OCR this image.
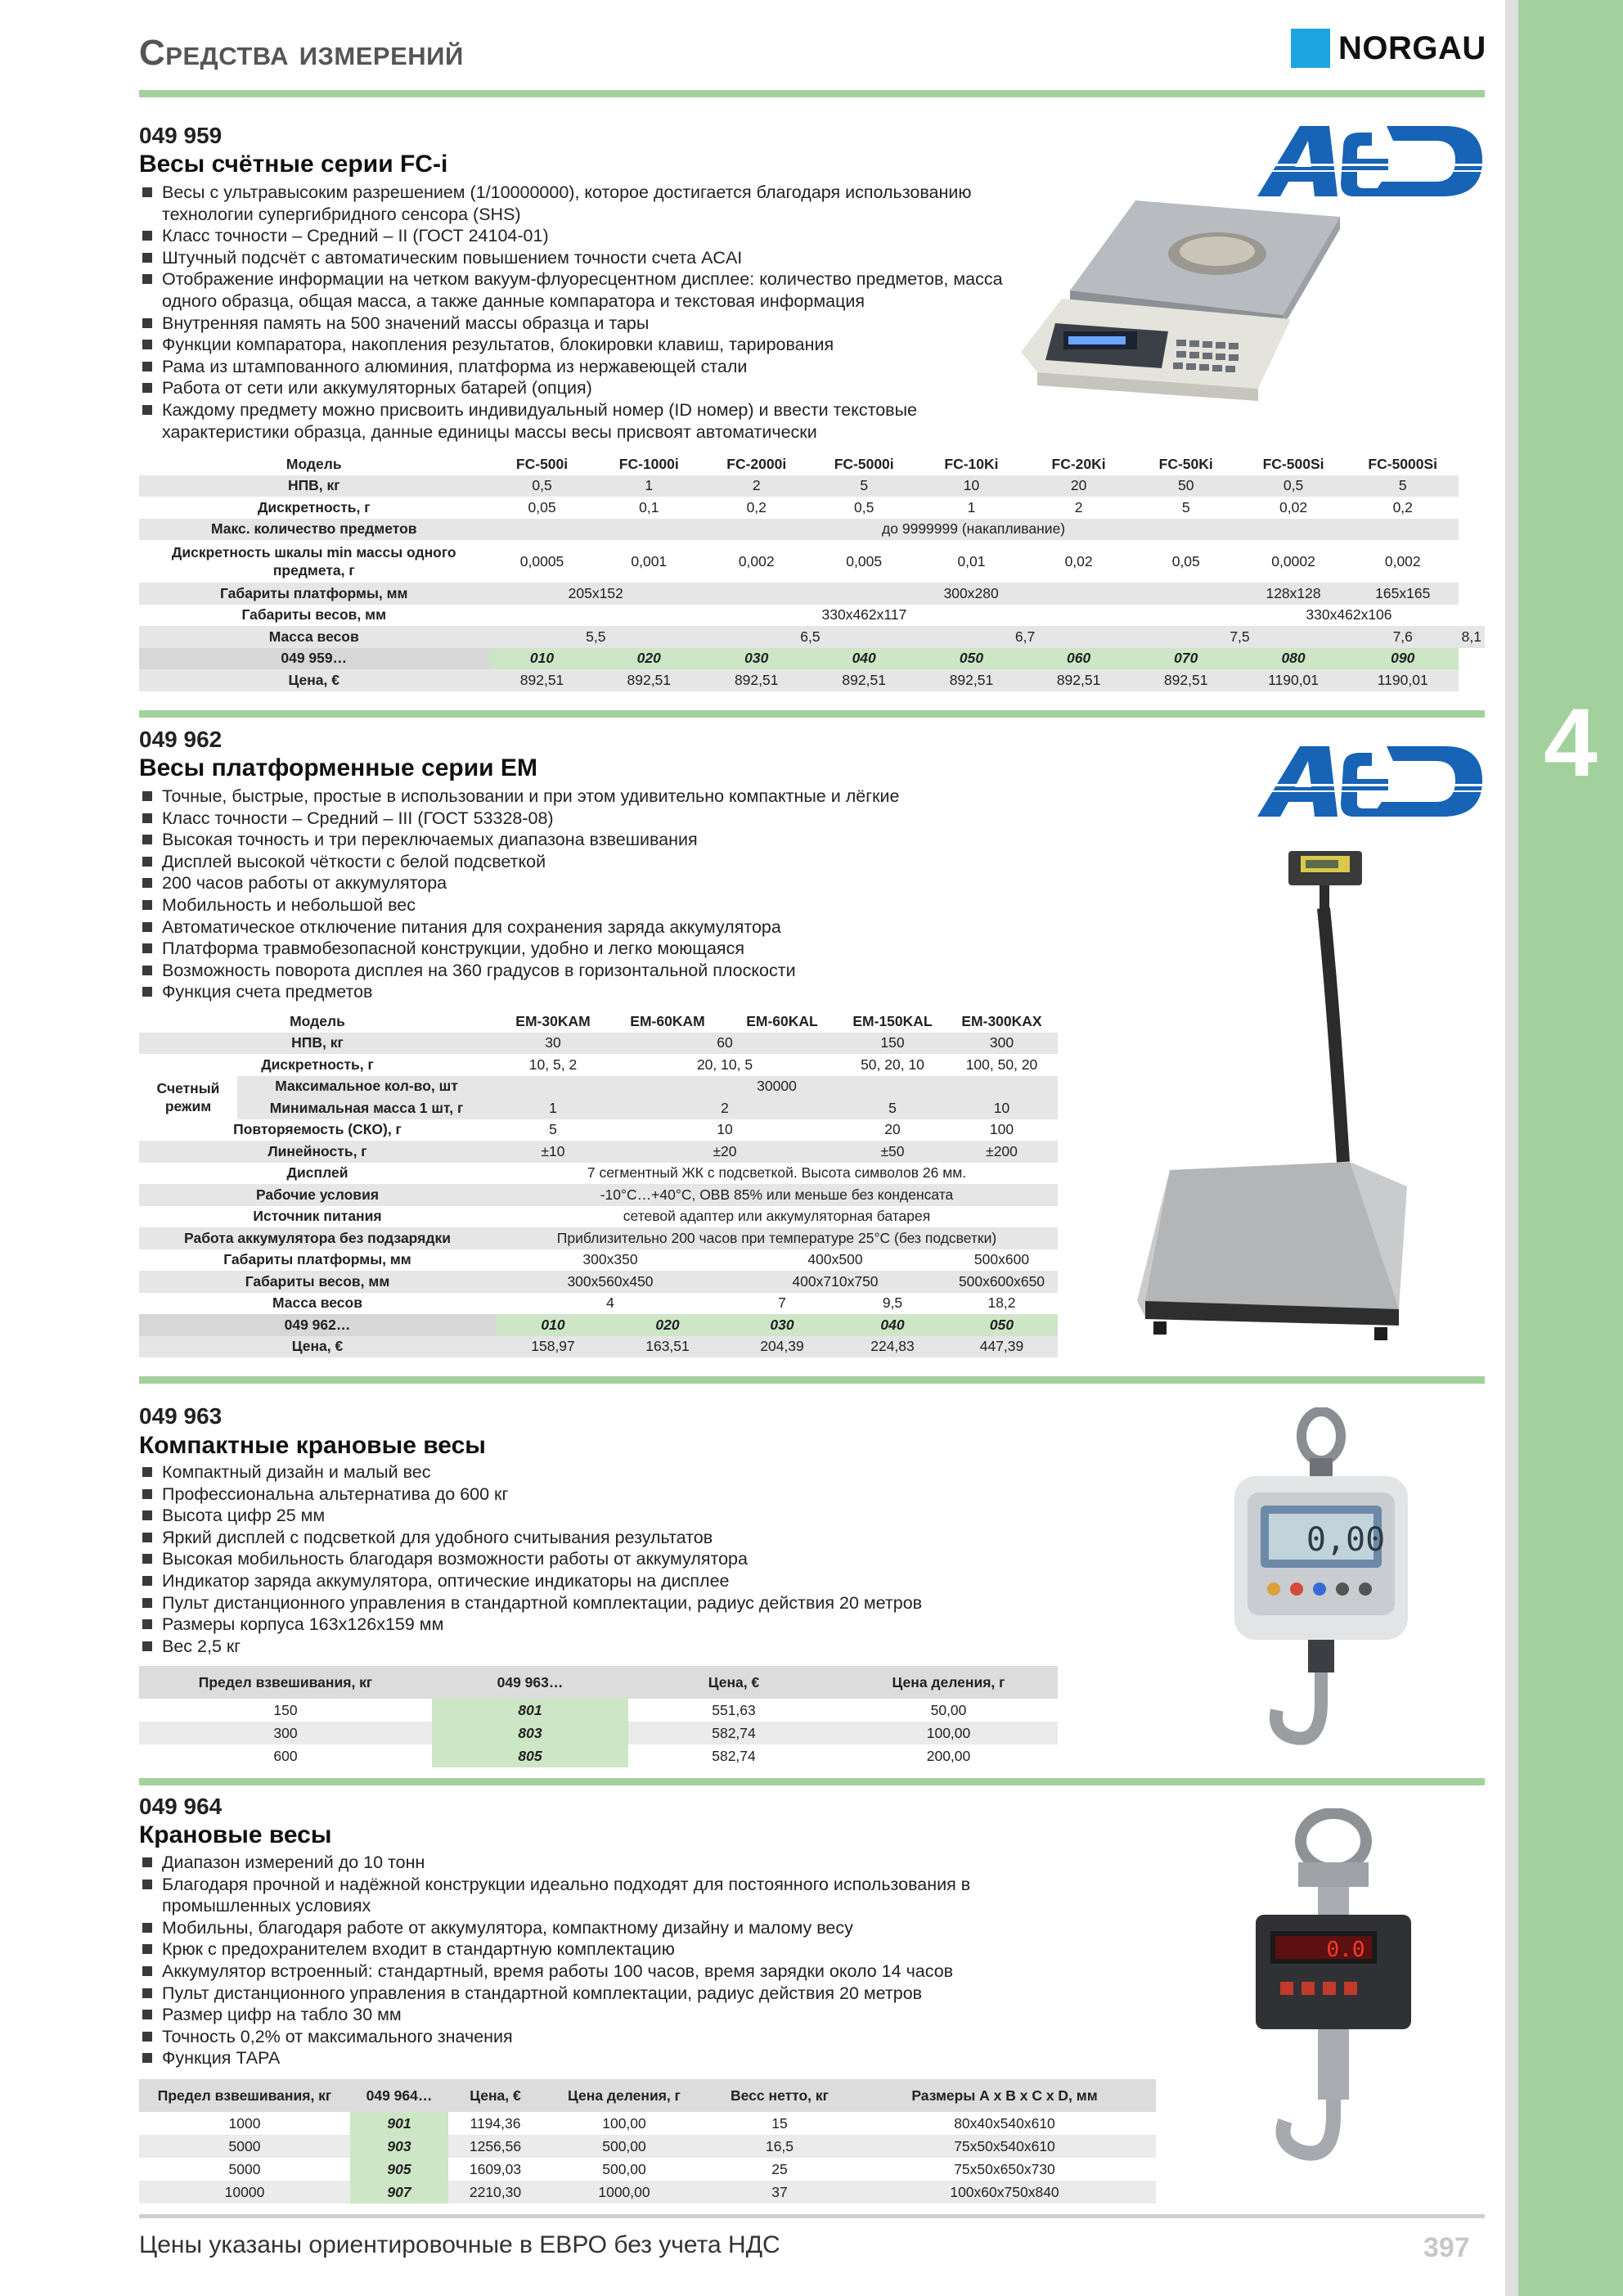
4
Средства измерений	NORGAU
049 959
Весы счётные серии FC-i
Весы с ультравысоким разрешением (1/10000000), которое достигается благодаря использованию технологии супергибридного сенсора (SHS)
Класс точности – Средний – II (ГОСТ 24104-01)
Штучный подсчёт с автоматическим повышением точности счета ACAI
Отображение информации на четком вакуум-флуоресцентном дисплее: количество предметов, масса одного образца, общая масса, а также данные компаратора и текстовая информация
Внутренняя память на 500 значений массы образца и тары
Функции компаратора, накопления результатов, блокировки клавиш, тарирования
Рама из штампованного алюминия, платформа из нержавеющей стали
Работа от сети или аккумуляторных батарей (опция)
Каждому предмету можно присвоить индивидуальный номер (ID номер) и ввести текстовые характеристики образца, данные единицы массы весы присвоят автоматически
Модель	FC-500i	FC-1000i	FC-2000i	FC-5000i	FC-10Ki	FC-20Ki	FC-50Ki	FC-500Si	FC-5000Si	
НПВ, кг	0,5	1	2	5	10	20	50	0,5	5	
Дискретность, г	0,05	0,1	0,2	0,5	1	2	5	0,02	0,2	
Макс. количество предметов	до 9999999 (накапливание)									
Дискретность шкалы min массы одного предмета, г	0,0005	0,001	0,002	0,005	0,01	0,02	0,05	0,0002	0,002	
Габариты платформы, мм	205x152		300x280					128x128	165x165	
Габариты весов, мм	330x462x117							330x462x106		
Масса весов	5,5		6,5		6,7		7,5		7,6	8,1
049 959…	010	020	030	040	050	060	070	080	090	
Цена, €	892,51	892,51	892,51	892,51	892,51	892,51	892,51	1190,01	1190,01	
049 962
Весы платформенные серии EM
Точные, быстрые, простые в использовании и при этом удивительно компактные и лёгкие
Класс точности – Средний – III (ГОСТ 53328-08)
Высокая точность и три переключаемых диапазона взвешивания
Дисплей высокой чёткости с белой подсветкой
200 часов работы от аккумулятора
Мобильность и небольшой вес
Автоматическое отключение питания для сохранения заряда аккумулятора
Платформа травмобезопасной конструкции, удобно и легко моющаяся
Возможность поворота дисплея на 360 градусов в горизонтальной плоскости
Функция счета предметов
Модель		EM-30KAM	EM-60KAM	EM-60KAL	EM-150KAL	EM-300KAX
НПВ, кг		30	60		150	300
Дискретность, г		10, 5, 2	20, 10, 5		50, 20, 10	100, 50, 20
Счетный режим	Максимальное кол-во, шт	30000				
	Минимальная масса 1 шт, г	1	2		5	10
Повторяемость (СКО), г		5	10		20	100
Линейность, г		±10	±20		±50	±200
Дисплей		7 сегментный ЖК с подсветкой. Высота символов 26 мм.				
Рабочие условия		-10°C…+40°C, ОВВ 85% или меньше без конденсата				
Источник питания		сетевой адаптер или аккумуляторная батарея				
Работа аккумулятора без подзарядки		Приблизительно 200 часов при температуре 25°С (без подсветки)				
Габариты платформы, мм		300x350		400x500		500x600
Габариты весов, мм		300x560x450		400x710x750		500x600x650
Масса весов		4		7	9,5	18,2
049 962…		010	020	030	040	050
Цена, €		158,97	163,51	204,39	224,83	447,39
049 963
Компактные крановые весы
Компактный дизайн и малый вес
Профессиональна альтернатива до 600 кг
Высота цифр 25 мм
Яркий дисплей с подсветкой для удобного считывания результатов
Высокая мобильность благодаря возможности работы от аккумулятора
Индикатор заряда аккумулятора, оптические индикаторы на дисплее
Пульт дистанционного управления в стандартной комплектации, радиус действия 20 метров
Размеры корпуса 163х126х159 мм
Вес 2,5 кг
0,00
Предел взвешивания, кг	049 963…	Цена, €	Цена деления, г
150	801	551,63	50,00
300	803	582,74	100,00
600	805	582,74	200,00
049 964
Крановые весы
Диапазон измерений до 10 тонн
Благодаря прочной и надёжной конструкции идеально подходят для постоянного использования в промышленных условиях
Мобильны, благодаря работе от аккумулятора, компактному дизайну и малому весу
Крюк с предохранителем входит в стандартную комплектацию
Аккумулятор встроенный: стандартный, время работы 100 часов, время зарядки около 14 часов
Пульт дистанционного управления в стандартной комплектации, радиус действия 20 метров
Размер цифр на табло 30 мм
Точность 0,2% от максимального значения
Функция ТАРА
0.0
Предел взвешивания, кг	049 964…	Цена, €	Цена деления, г	Весс нетто, кг	Размеры А х В х С х D, мм
1000	901	1194,36	100,00	15	80x40x540x610
5000	903	1256,56	500,00	16,5	75x50x540x610
5000	905	1609,03	500,00	25	75x50x650x730
10000	907	2210,30	1000,00	37	100x60x750x840
Цены указаны ориентировочные в ЕВРО без учета НДС	397
